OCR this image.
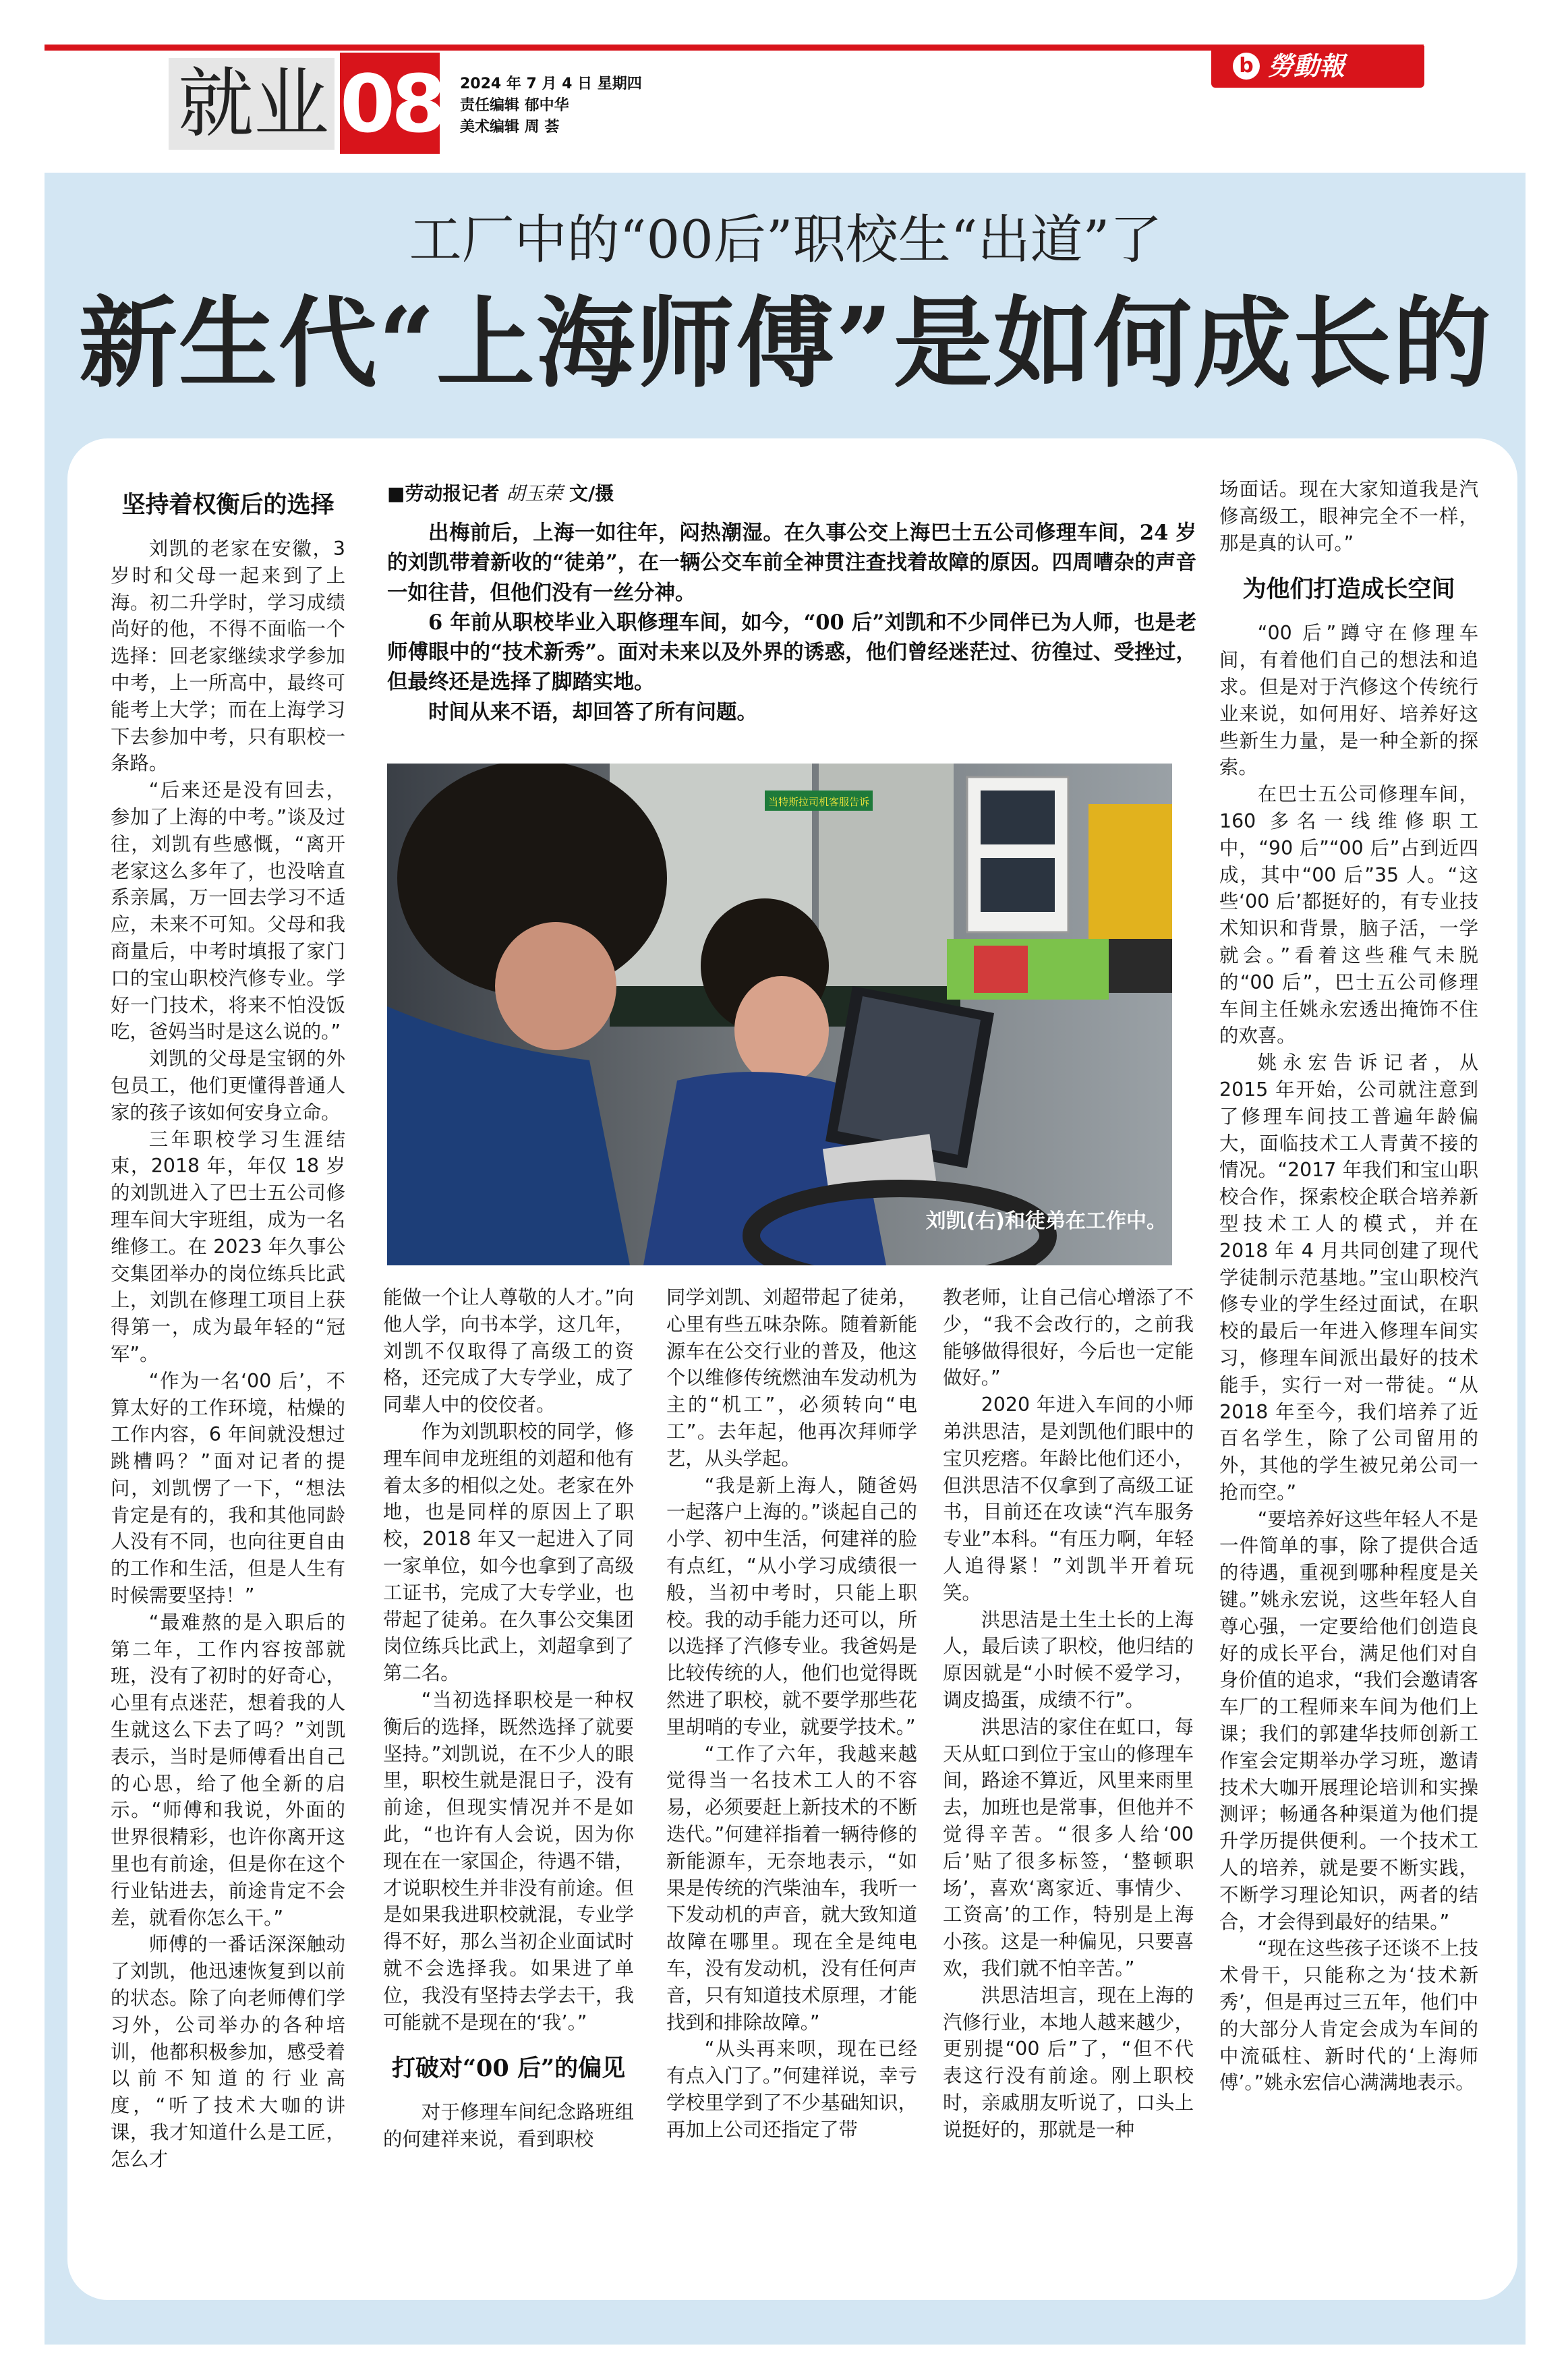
就业 08 2024 年 7 月 4 日 星期四
责任编辑 郁中华
美术编辑 周 荟
b 勞動報
工厂中的“00后”职校生“出道”了
新生代“上海师傅”是如何成长的
坚持着权衡后的选择

刘凯的老家在安徽，3 岁时和父母一起来到了上海。初二升学时，学习成绩尚好的他，不得不面临一个选择：回老家继续求学参加中考，上一所高中，最终可能考上大学；而在上海学习下去参加中考，只有职校一条路。

“后来还是没有回去，参加了上海的中考。”谈及过往，刘凯有些感慨，“离开老家这么多年了，也没啥直系亲属，万一回去学习不适应，未来不可知。父母和我商量后，中考时填报了家门口的宝山职校汽修专业。学好一门技术，将来不怕没饭吃，爸妈当时是这么说的。”

刘凯的父母是宝钢的外包员工，他们更懂得普通人家的孩子该如何安身立命。

三年职校学习生涯结束，2018 年，年仅 18 岁的刘凯进入了巴士五公司修理车间大宇班组，成为一名维修工。在 2023 年久事公交集团举办的岗位练兵比武上，刘凯在修理工项目上获得第一，成为最年轻的“冠军”。

“作为一名‘00 后’，不算太好的工作环境，枯燥的工作内容，6 年间就没想过跳槽吗？”面对记者的提问，刘凯愣了一下，“想法肯定是有的，我和其他同龄人没有不同，也向往更自由的工作和生活，但是人生有时候需要坚持！”

“最难熬的是入职后的第二年，工作内容按部就班，没有了初时的好奇心，心里有点迷茫，想着我的人生就这么下去了吗？”刘凯表示，当时是师傅看出自己的心思，给了他全新的启示。“师傅和我说，外面的世界很精彩，也许你离开这里也有前途，但是你在这个行业钻进去，前途肯定不会差，就看你怎么干。”

师傅的一番话深深触动了刘凯，他迅速恢复到以前的状态。除了向老师傅们学习外，公司举办的各种培训，他都积极参加，感受着以前不知道的行业高度，“听了技术大咖的讲课，我才知道什么是工匠，怎么才

■劳动报记者 胡玉荣 文/摄

出梅前后，上海一如往年，闷热潮湿。在久事公交上海巴士五公司修理车间，24 岁的刘凯带着新收的“徒弟”，在一辆公交车前全神贯注查找着故障的原因。四周嘈杂的声音一如往昔，但他们没有一丝分神。

6 年前从职校毕业入职修理车间，如今，“00 后”刘凯和不少同伴已为人师，也是老师傅眼中的“技术新秀”。面对未来以及外界的诱惑，他们曾经迷茫过、彷徨过、受挫过，但最终还是选择了脚踏实地。

时间从来不语，却回答了所有问题。

当特斯拉司机客服告诉
刘凯(右)和徒弟在工作中。

能做一个让人尊敬的人才。”向他人学，向书本学，这几年，刘凯不仅取得了高级工的资格，还完成了大专学业，成了同辈人中的佼佼者。

作为刘凯职校的同学，修理车间申龙班组的刘超和他有着太多的相似之处。老家在外地，也是同样的原因上了职校，2018 年又一起进入了同一家单位，如今也拿到了高级工证书，完成了大专学业，也带起了徒弟。在久事公交集团岗位练兵比武上，刘超拿到了第二名。

“当初选择职校是一种权衡后的选择，既然选择了就要坚持。”刘凯说，在不少人的眼里，职校生就是混日子，没有前途，但现实情况并不是如此，“也许有人会说，因为你现在在一家国企，待遇不错，才说职校生并非没有前途。但是如果我进职校就混，专业学得不好，那么当初企业面试时就不会选择我。如果进了单位，我没有坚持去学去干，我可能就不是现在的‘我’。”

打破对“00 后”的偏见

对于修理车间纪念路班组的何建祥来说，看到职校

同学刘凯、刘超带起了徒弟，心里有些五味杂陈。随着新能源车在公交行业的普及，他这个以维修传统燃油车发动机为主的“机工”，必须转向“电工”。去年起，他再次拜师学艺，从头学起。

“我是新上海人，随爸妈一起落户上海的。”谈起自己的小学、初中生活，何建祥的脸有点红，“从小学习成绩很一般，当初中考时，只能上职校。我的动手能力还可以，所以选择了汽修专业。我爸妈是比较传统的人，他们也觉得既然进了职校，就不要学那些花里胡哨的专业，就要学技术。”

“工作了六年，我越来越觉得当一名技术工人的不容易，必须要赶上新技术的不断迭代。”何建祥指着一辆待修的新能源车，无奈地表示，“如果是传统的汽柴油车，我听一下发动机的声音，就大致知道故障在哪里。现在全是纯电车，没有发动机，没有任何声音，只有知道技术原理，才能找到和排除故障。”

“从头再来呗，现在已经有点入门了。”何建祥说，幸亏学校里学到了不少基础知识，再加上公司还指定了带

教老师，让自己信心增添了不少，“我不会改行的，之前我能够做得很好，今后也一定能做好。”

2020 年进入车间的小师弟洪思洁，是刘凯他们眼中的宝贝疙瘩。年龄比他们还小，但洪思洁不仅拿到了高级工证书，目前还在攻读“汽车服务专业”本科。“有压力啊，年轻人追得紧！”刘凯半开着玩笑。

洪思洁是土生土长的上海人，最后读了职校，他归结的原因就是“小时候不爱学习，调皮捣蛋，成绩不行”。

洪思洁的家住在虹口，每天从虹口到位于宝山的修理车间，路途不算近，风里来雨里去，加班也是常事，但他并不觉得辛苦。“很多人给‘00 后’贴了很多标签，‘整顿职场’，喜欢‘离家近、事情少、工资高’的工作，特别是上海小孩。这是一种偏见，只要喜欢，我们就不怕辛苦。”

洪思洁坦言，现在上海的汽修行业，本地人越来越少，更别提“00 后”了，“但不代表这行没有前途。刚上职校时，亲戚朋友听说了，口头上说挺好的，那就是一种

场面话。现在大家知道我是汽修高级工，眼神完全不一样，那是真的认可。”

为他们打造成长空间

“00 后”蹲守在修理车间，有着他们自己的想法和追求。但是对于汽修这个传统行业来说，如何用好、培养好这些新生力量，是一种全新的探索。

在巴士五公司修理车间，160 多名一线维修职工中，“90 后”“00 后”占到近四成，其中“00 后”35 人。“这些‘00 后’都挺好的，有专业技术知识和背景，脑子活，一学就会。”看着这些稚气未脱的“00 后”，巴士五公司修理车间主任姚永宏透出掩饰不住的欢喜。

姚永宏告诉记者，从 2015 年开始，公司就注意到了修理车间技工普遍年龄偏大，面临技术工人青黄不接的情况。“2017 年我们和宝山职校合作，探索校企联合培养新型技术工人的模式，并在 2018 年 4 月共同创建了现代学徒制示范基地。”宝山职校汽修专业的学生经过面试，在职校的最后一年进入修理车间实习，修理车间派出最好的技术能手，实行一对一带徒。“从 2018 年至今，我们培养了近百名学生，除了公司留用的外，其他的学生被兄弟公司一抢而空。”

“要培养好这些年轻人不是一件简单的事，除了提供合适的待遇，重视到哪种程度是关键。”姚永宏说，这些年轻人自尊心强，一定要给他们创造良好的成长平台，满足他们对自身价值的追求，“我们会邀请客车厂的工程师来车间为他们上课；我们的郭建华技师创新工作室会定期举办学习班，邀请技术大咖开展理论培训和实操测评；畅通各种渠道为他们提升学历提供便利。一个技术工人的培养，就是要不断实践，不断学习理论知识，两者的结合，才会得到最好的结果。”

“现在这些孩子还谈不上技术骨干，只能称之为‘技术新秀’，但是再过三五年，他们中的大部分人肯定会成为车间的中流砥柱、新时代的‘上海师傅’。”姚永宏信心满满地表示。
